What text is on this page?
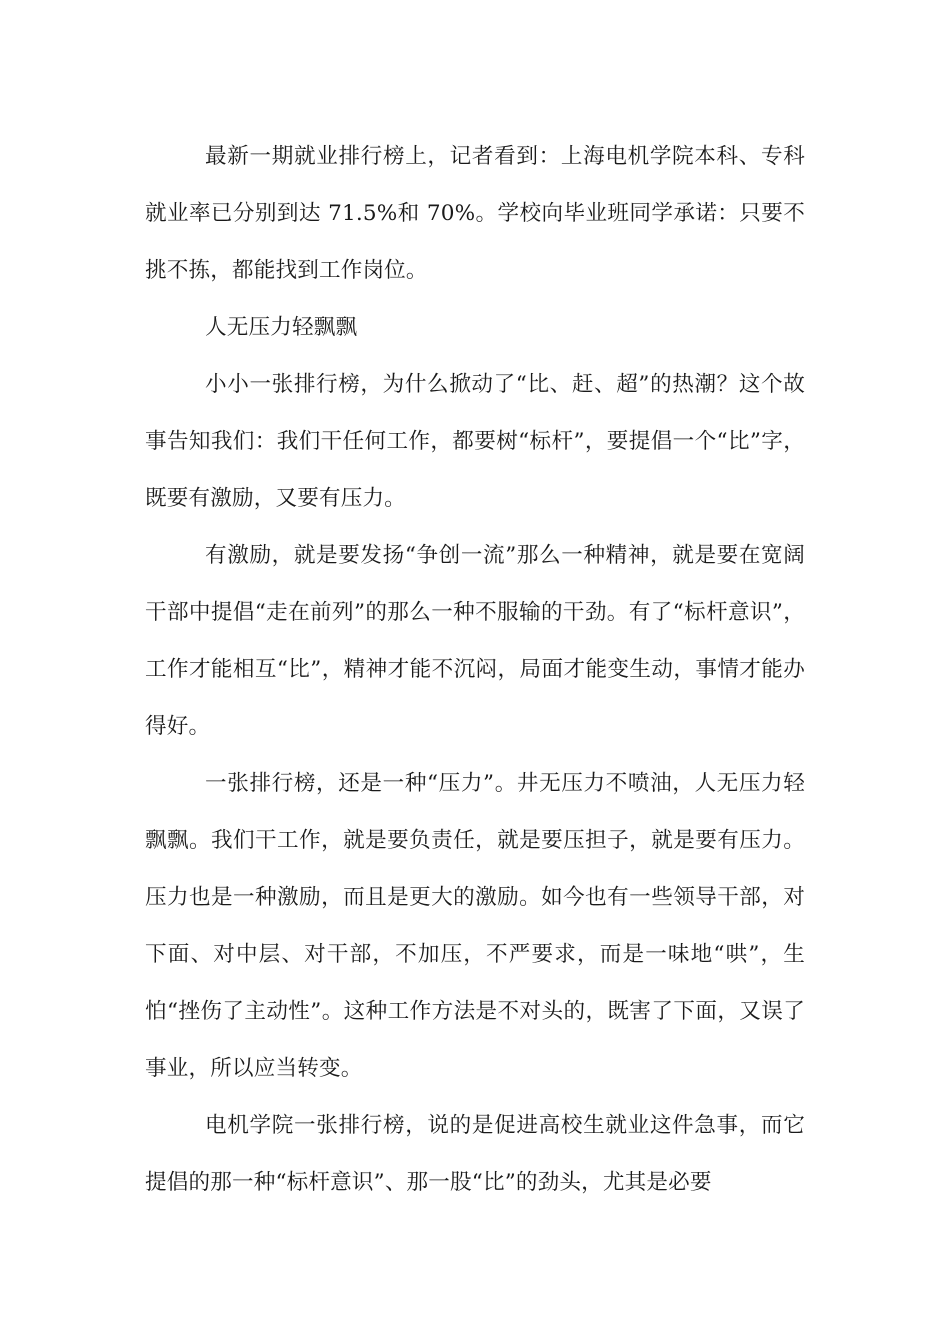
最新一期就业排行榜上，记者看到：上海电机学院本科、专科就业率已分别到达 71.5%和 70%。学校向毕业班同学承诺：只要不挑不拣，都能找到工作岗位。

人无压力轻飘飘

小小一张排行榜，为什么掀动了“比、赶、超”的热潮？这个故事告知我们：我们干任何工作，都要树“标杆”，要提倡一个“比”字，既要有激励，又要有压力。

有激励，就是要发扬“争创一流”那么一种精神，就是要在宽阔干部中提倡“走在前列”的那么一种不服输的干劲。有了“标杆意识”，工作才能相互“比”，精神才能不沉闷，局面才能变生动，事情才能办得好。

一张排行榜，还是一种“压力”。井无压力不喷油，人无压力轻飘飘。我们干工作，就是要负责任，就是要压担子，就是要有压力。压力也是一种激励，而且是更大的激励。如今也有一些领导干部，对下面、对中层、对干部，不加压，不严要求，而是一味地“哄”，生怕“挫伤了主动性”。这种工作方法是不对头的，既害了下面，又误了事业，所以应当转变。

电机学院一张排行榜，说的是促进高校生就业这件急事，而它提倡的那一种“标杆意识”、那一股“比”的劲头，尤其是必要
